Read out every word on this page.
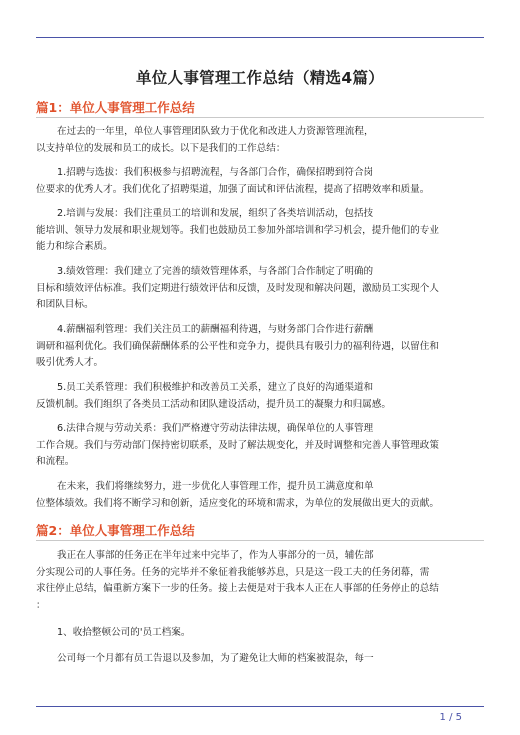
单位人事管理工作总结（精选4篇）
篇1：单位人事管理工作总结
在过去的一年里，单位人事管理团队致力于优化和改进人力资源管理流程，
以支持单位的发展和员工的成长。以下是我们的工作总结：
1.招聘与选拔：我们积极参与招聘流程，与各部门合作，确保招聘到符合岗
位要求的优秀人才。我们优化了招聘渠道，加强了面试和评估流程，提高了招聘效率和质量。
2.培训与发展：我们注重员工的培训和发展，组织了各类培训活动，包括技
能培训、领导力发展和职业规划等。我们也鼓励员工参加外部培训和学习机会，提升他们的专业
能力和综合素质。
3.绩效管理：我们建立了完善的绩效管理体系，与各部门合作制定了明确的
目标和绩效评估标准。我们定期进行绩效评估和反馈，及时发现和解决问题，激励员工实现个人
和团队目标。
4.薪酬福利管理：我们关注员工的薪酬福利待遇，与财务部门合作进行薪酬
调研和福利优化。我们确保薪酬体系的公平性和竞争力，提供具有吸引力的福利待遇，以留住和
吸引优秀人才。
5.员工关系管理：我们积极维护和改善员工关系，建立了良好的沟通渠道和
反馈机制。我们组织了各类员工活动和团队建设活动，提升员工的凝聚力和归属感。
6.法律合规与劳动关系：我们严格遵守劳动法律法规，确保单位的人事管理
工作合规。我们与劳动部门保持密切联系，及时了解法规变化，并及时调整和完善人事管理政策
和流程。
在未来，我们将继续努力，进一步优化人事管理工作，提升员工满意度和单
位整体绩效。我们将不断学习和创新，适应变化的环境和需求，为单位的发展做出更大的贡献。
篇2：单位人事管理工作总结
我正在人事部的任务正在半年过来中完毕了，作为人事部分的一员，辅佐部
分实现公司的人事任务。任务的完毕并不象征着我能够苏息，只是这一段工夫的任务闭幕，需
求往停止总结，偏重新方案下一步的任务。接上去便是对于我本人正在人事部的任务停止的总结
：
1、收拾整顿公司的'员工档案。
公司每一个月都有员工告退以及参加，为了避免让大师的档案被混杂，每一
1 / 5
